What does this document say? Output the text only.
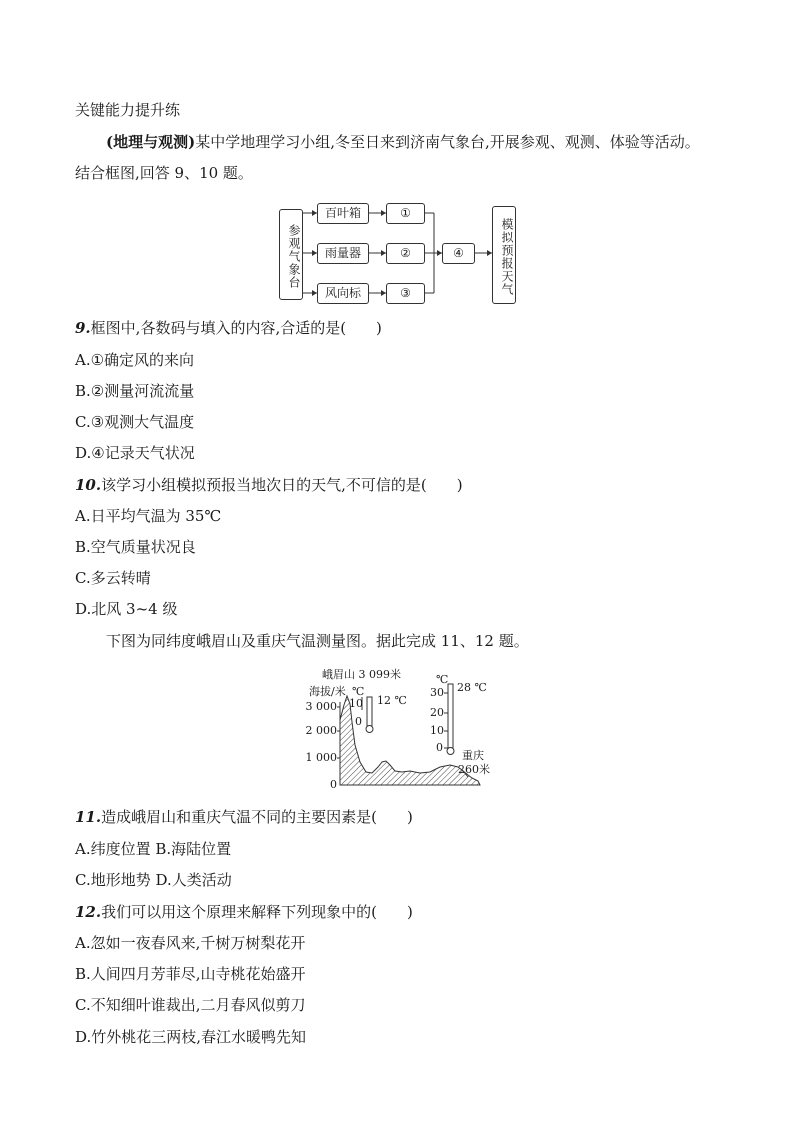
关键能力提升练
(地理与观测)某中学地理学习小组,冬至日来到济南气象台,开展参观、观测、体验等活动。
结合框图,回答 9、10 题。
参观气象台
百叶箱
雨量器
风向标
①
②
③
④	模拟预报天气
9.框图中,各数码与填入的内容,合适的是(　　)
A.①确定风的来向
B.②测量河流流量
C.③观测大气温度
D.④记录天气状况
10.该学习小组模拟预报当地次日的天气,不可信的是(　　)
A.日平均气温为 35℃
B.空气质量状况良
C.多云转晴
D.北风 3~4 级
下图为同纬度峨眉山及重庆气温测量图。据此完成 11、12 题。
峨眉山 3 099米
海拔/米
3 000
2 000
1 000
0
℃
10
0
12 ℃
℃
30
20
10
0
28 ℃
重庆
260米
11.造成峨眉山和重庆气温不同的主要因素是(　　)
A.纬度位置 B.海陆位置
C.地形地势 D.人类活动
12.我们可以用这个原理来解释下列现象中的(　　)
A.忽如一夜春风来,千树万树梨花开
B.人间四月芳菲尽,山寺桃花始盛开
C.不知细叶谁裁出,二月春风似剪刀
D.竹外桃花三两枝,春江水暖鸭先知
